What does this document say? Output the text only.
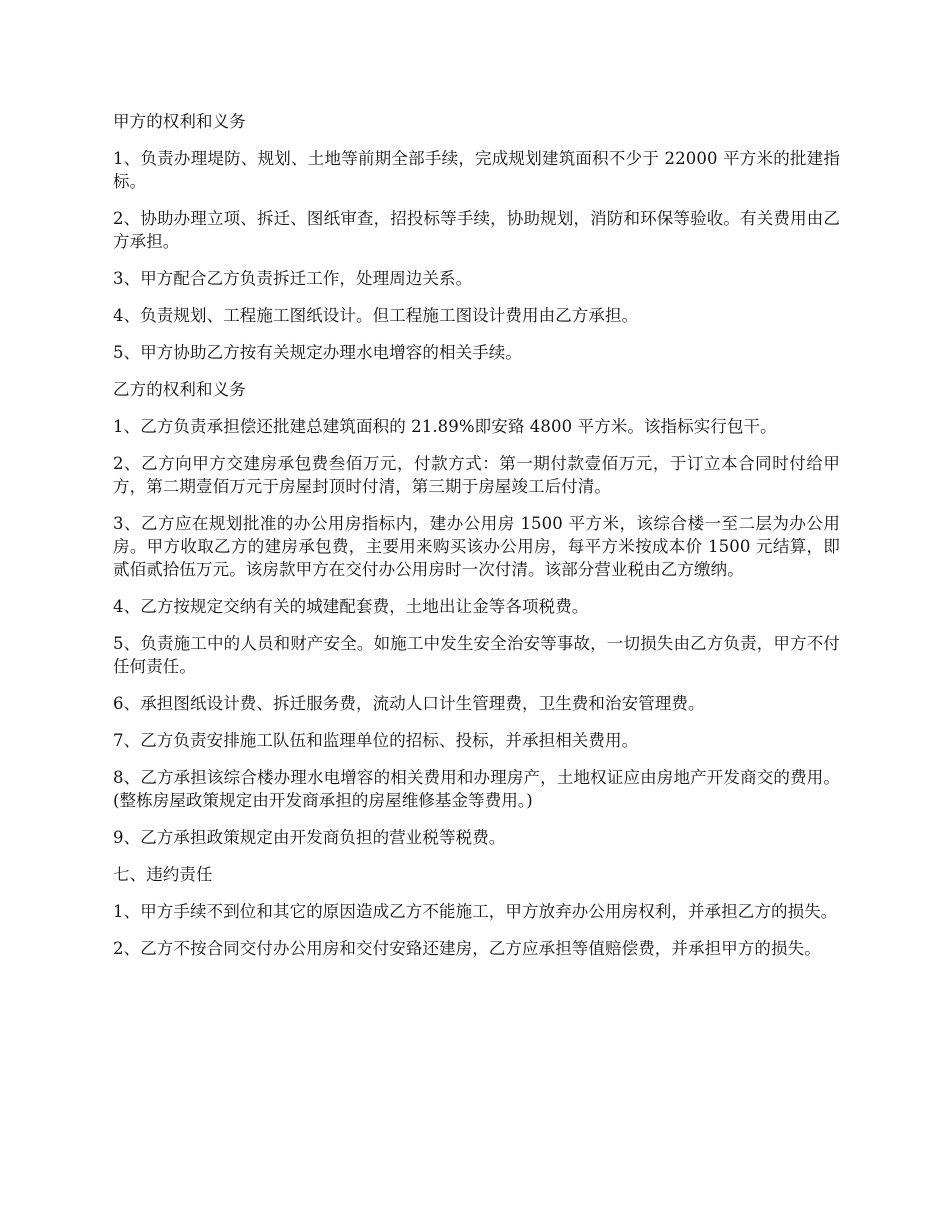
甲方的权利和义务

1、负责办理堤防、规划、土地等前期全部手续，完成规划建筑面积不少于 22000 平方米的批建指标。

2、协助办理立项、拆迁、图纸审查，招投标等手续，协助规划，消防和环保等验收。有关费用由乙方承担。

3、甲方配合乙方负责拆迁工作，处理周边关系。

4、负责规划、工程施工图纸设计。但工程施工图设计费用由乙方承担。

5、甲方协助乙方按有关规定办理水电增容的相关手续。

乙方的权利和义务

1、乙方负责承担偿还批建总建筑面积的 21.89%即安臵 4800 平方米。该指标实行包干。

2、乙方向甲方交建房承包费叁佰万元，付款方式：第一期付款壹佰万元，于订立本合同时付给甲方，第二期壹佰万元于房屋封顶时付清，第三期于房屋竣工后付清。

3、乙方应在规划批准的办公用房指标内，建办公用房 1500 平方米，该综合楼一至二层为办公用房。甲方收取乙方的建房承包费，主要用来购买该办公用房，每平方米按成本价 1500 元结算，即贰佰贰拾伍万元。该房款甲方在交付办公用房时一次付清。该部分营业税由乙方缴纳。

4、乙方按规定交纳有关的城建配套费，土地出让金等各项税费。

5、负责施工中的人员和财产安全。如施工中发生安全治安等事故，一切损失由乙方负责，甲方不付任何责任。

6、承担图纸设计费、拆迁服务费，流动人口计生管理费，卫生费和治安管理费。

7、乙方负责安排施工队伍和监理单位的招标、投标，并承担相关费用。

8、乙方承担该综合楼办理水电增容的相关费用和办理房产，土地权证应由房地产开发商交的费用。(整栋房屋政策规定由开发商承担的房屋维修基金等费用。)

9、乙方承担政策规定由开发商负担的营业税等税费。

七、违约责任

1、甲方手续不到位和其它的原因造成乙方不能施工，甲方放弃办公用房权利，并承担乙方的损失。

2、乙方不按合同交付办公用房和交付安臵还建房，乙方应承担等值赔偿费，并承担甲方的损失。
